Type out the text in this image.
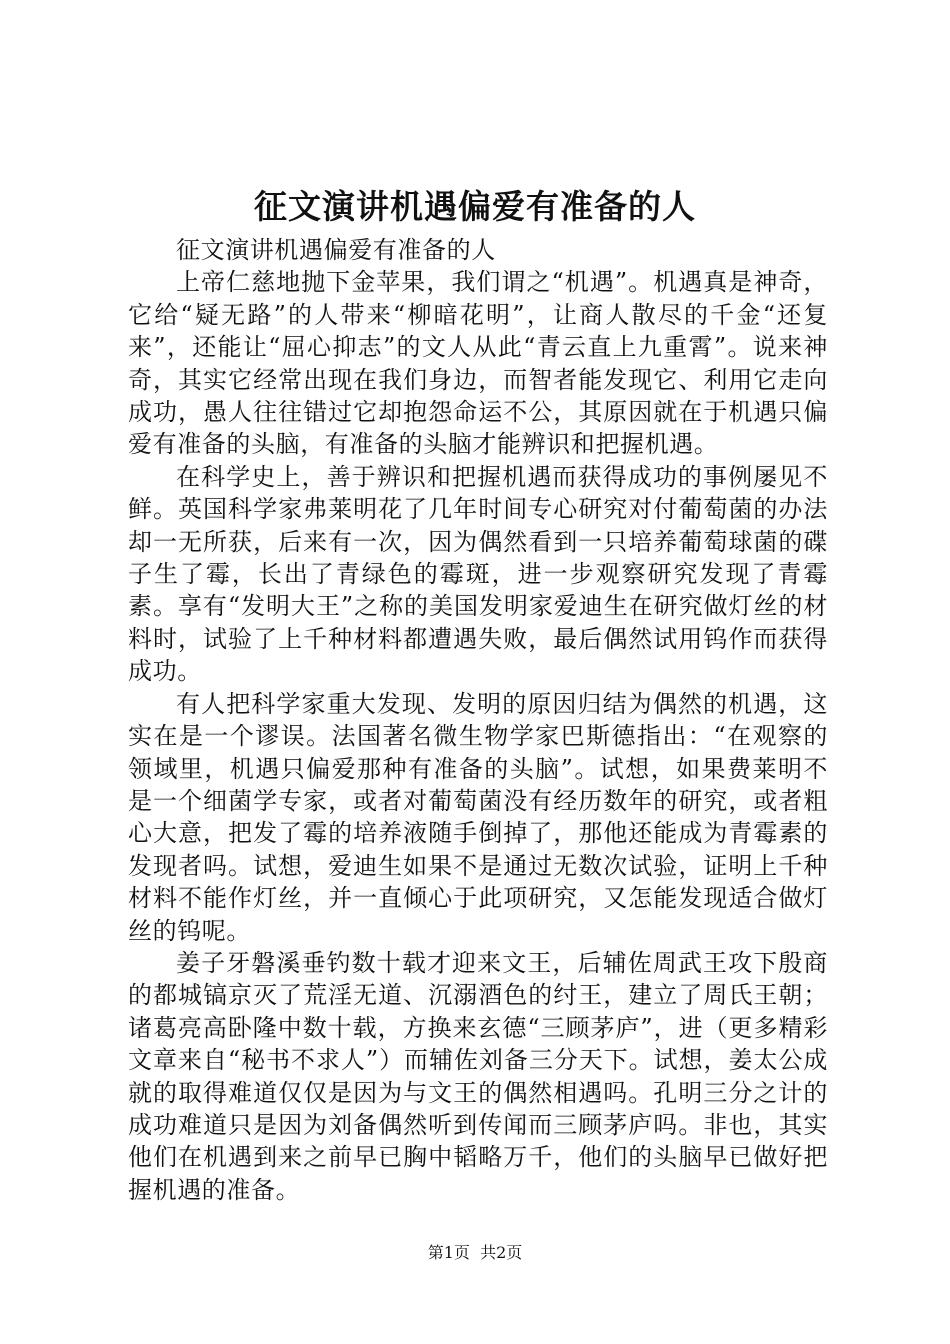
征文演讲机遇偏爱有准备的人

征文演讲机遇偏爱有准备的人

上帝仁慈地抛下金苹果，我们谓之“机遇”。机遇真是神奇，它给“疑无路”的人带来“柳暗花明”，让商人散尽的千金“还复来”，还能让“屈心抑志”的文人从此“青云直上九重霄”。说来神奇，其实它经常出现在我们身边，而智者能发现它、利用它走向成功，愚人往往错过它却抱怨命运不公，其原因就在于机遇只偏爱有准备的头脑，有准备的头脑才能辨识和把握机遇。

在科学史上，善于辨识和把握机遇而获得成功的事例屡见不鲜。英国科学家弗莱明花了几年时间专心研究对付葡萄菌的办法却一无所获，后来有一次，因为偶然看到一只培养葡萄球菌的碟子生了霉，长出了青绿色的霉斑，进一步观察研究发现了青霉素。享有“发明大王”之称的美国发明家爱迪生在研究做灯丝的材料时，试验了上千种材料都遭遇失败，最后偶然试用钨作而获得成功。

有人把科学家重大发现、发明的原因归结为偶然的机遇，这实在是一个谬误。法国著名微生物学家巴斯德指出：“在观察的领域里，机遇只偏爱那种有准备的头脑”。试想，如果费莱明不是一个细菌学专家，或者对葡萄菌没有经历数年的研究，或者粗心大意，把发了霉的培养液随手倒掉了，那他还能成为青霉素的发现者吗。试想，爱迪生如果不是通过无数次试验，证明上千种材料不能作灯丝，并一直倾心于此项研究，又怎能发现适合做灯丝的钨呢。

姜子牙磐溪垂钓数十载才迎来文王，后辅佐周武王攻下殷商的都城镐京灭了荒淫无道、沉溺酒色的纣王，建立了周氏王朝；诸葛亮高卧隆中数十载，方换来玄德“三顾茅庐”，进（更多精彩文章来自“秘书不求人”）而辅佐刘备三分天下。试想，姜太公成就的取得难道仅仅是因为与文王的偶然相遇吗。孔明三分之计的成功难道只是因为刘备偶然听到传闻而三顾茅庐吗。非也，其实他们在机遇到来之前早已胸中韬略万千，他们的头脑早已做好把握机遇的准备。

第1页 共2页
